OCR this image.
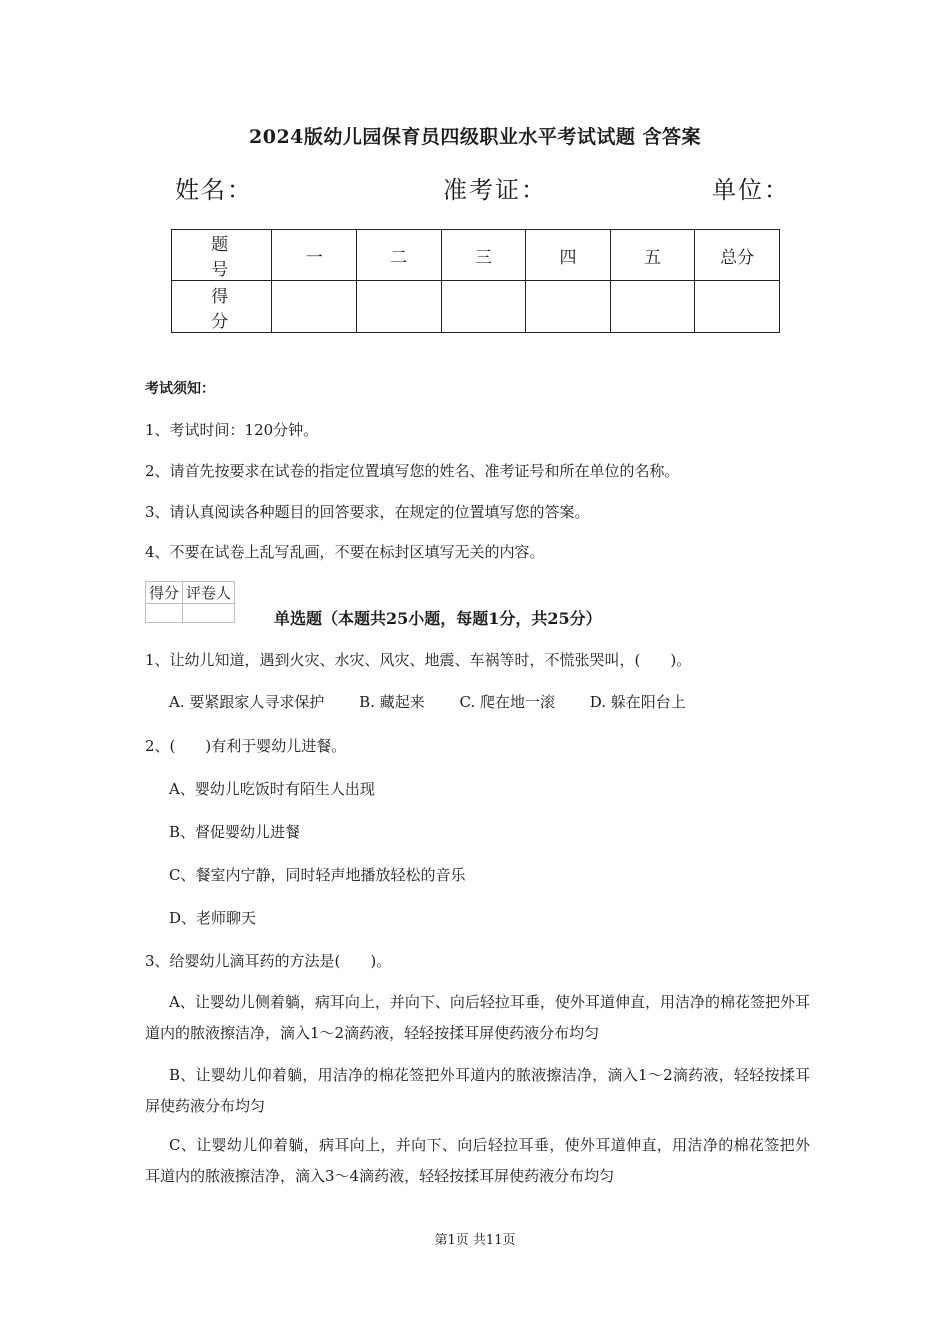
2024版幼儿园保育员四级职业水平考试试题 含答案
姓名：	准考证：	单位：
题　号	一	二	三	四	五	总分
得　分						
考试须知：
1、考试时间：120分钟。
2、请首先按要求在试卷的指定位置填写您的姓名、准考证号和所在单位的名称。
3、请认真阅读各种题目的回答要求，在规定的位置填写您的答案。
4、不要在试卷上乱写乱画，不要在标封区填写无关的内容。
得分	评卷人

单选题（本题共25小题，每题1分，共25分）
1、让幼儿知道，遇到火灾、水灾、风灾、地震、车祸等时，不慌张哭叫，(　　)。
A. 要紧跟家人寻求保护 B. 藏起来 C. 爬在地一滚 D. 躲在阳台上
2、(　　)有利于婴幼儿进餐。
A、婴幼儿吃饭时有陌生人出现
B、督促婴幼儿进餐
C、餐室内宁静，同时轻声地播放轻松的音乐
D、老师聊天
3、给婴幼儿滴耳药的方法是(　　)。
A、让婴幼儿侧着躺，病耳向上，并向下、向后轻拉耳垂，使外耳道伸直，用洁净的棉花签把外耳道内的脓液擦洁净，滴入1～2滴药液，轻轻按揉耳屏使药液分布均匀
B、让婴幼儿仰着躺，用洁净的棉花签把外耳道内的脓液擦洁净，滴入1～2滴药液，轻轻按揉耳屏使药液分布均匀
C、让婴幼儿仰着躺，病耳向上，并向下、向后轻拉耳垂，使外耳道伸直，用洁净的棉花签把外耳道内的脓液擦洁净，滴入3～4滴药液，轻轻按揉耳屏使药液分布均匀
第1页 共11页
